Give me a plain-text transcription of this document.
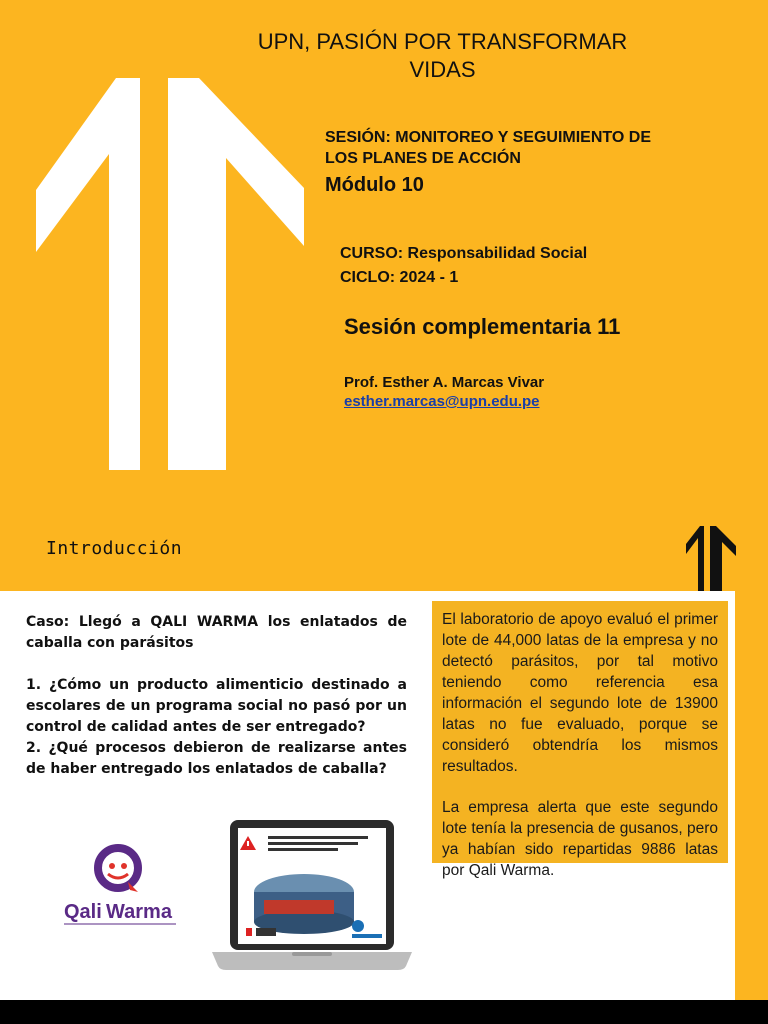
UPN, PASIÓN POR TRANSFORMAR VIDAS
SESIÓN: MONITOREO Y SEGUIMIENTO DE
LOS PLANES DE ACCIÓN
Módulo 10
CURSO: Responsabilidad Social
CICLO: 2024 - 1
Sesión complementaria 11
Prof. Esther A. Marcas Vivar
esther.marcas@upn.edu.pe
Introducción

Caso: Llegó a QALI WARMA los enlatados de caballa con parásitos

1. ¿Cómo un producto alimenticio destinado a escolares de un programa social no pasó por un control de calidad antes de ser entregado?

2. ¿Qué procesos debieron de realizarse antes de haber entregado los enlatados de caballa?

El laboratorio de apoyo evaluó el primer lote de 44,000 latas de la empresa y no detectó parásitos, por tal motivo teniendo como referencia esa información el segundo lote de 13900 latas no fue evaluado, porque se consideró obtendría los mismos resultados.

La empresa alerta que este segundo lote tenía la presencia de gusanos, pero ya habían sido repartidas 9886 latas por Qali Warma.

Qali Warma
